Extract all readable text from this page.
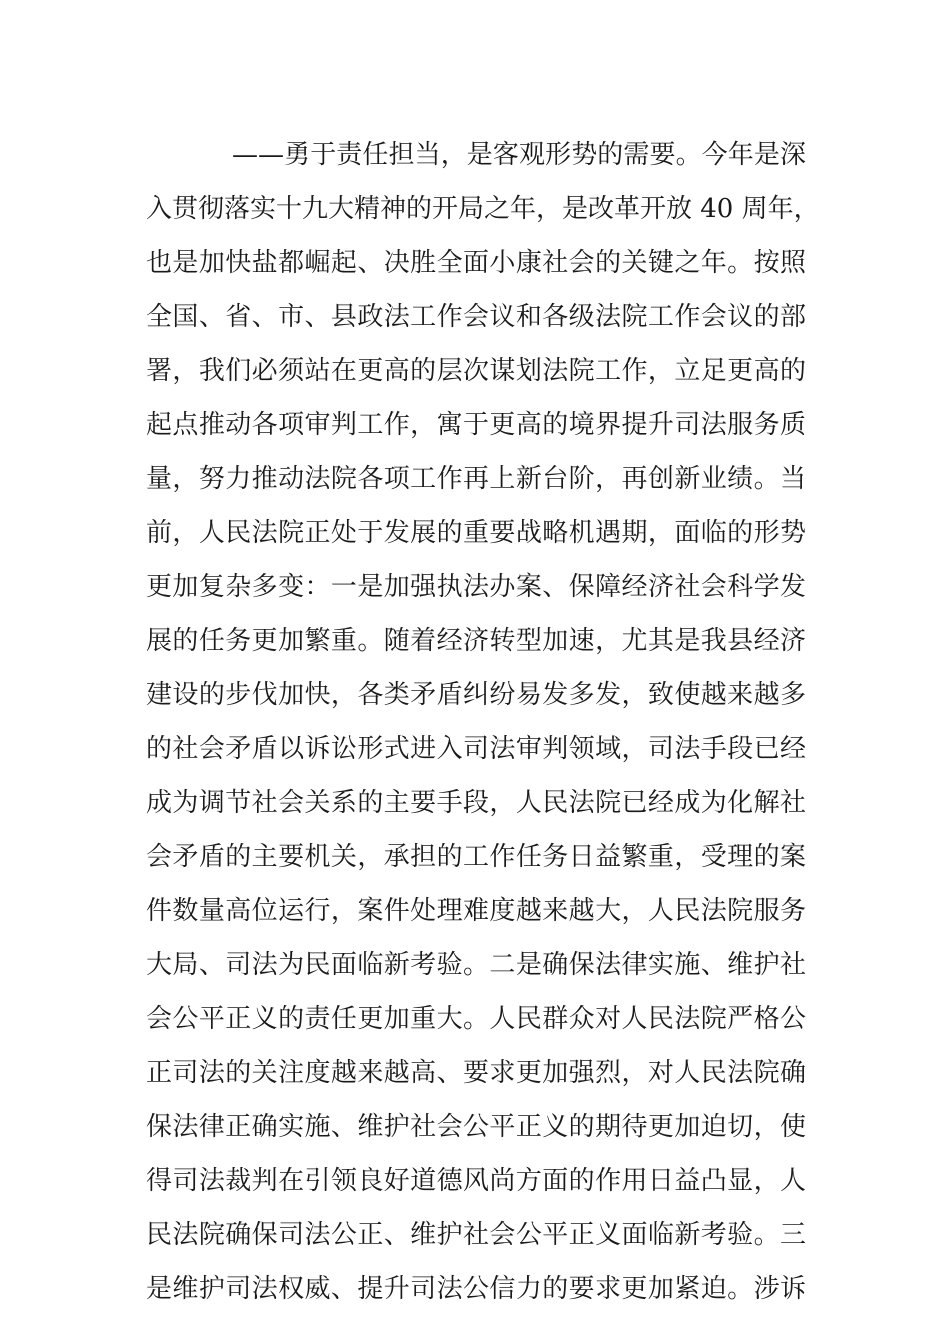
——勇于责任担当，是客观形势的需要。今年是深
入贯彻落实十九大精神的开局之年，是改革开放 40 周年，
也是加快盐都崛起、决胜全面小康社会的关键之年。按照
全国、省、市、县政法工作会议和各级法院工作会议的部
署，我们必须站在更高的层次谋划法院工作，立足更高的
起点推动各项审判工作，寓于更高的境界提升司法服务质
量，努力推动法院各项工作再上新台阶，再创新业绩。当
前，人民法院正处于发展的重要战略机遇期，面临的形势
更加复杂多变：一是加强执法办案、保障经济社会科学发
展的任务更加繁重。随着经济转型加速，尤其是我县经济
建设的步伐加快，各类矛盾纠纷易发多发，致使越来越多
的社会矛盾以诉讼形式进入司法审判领域，司法手段已经
成为调节社会关系的主要手段，人民法院已经成为化解社
会矛盾的主要机关，承担的工作任务日益繁重，受理的案
件数量高位运行，案件处理难度越来越大，人民法院服务
大局、司法为民面临新考验。二是确保法律实施、维护社
会公平正义的责任更加重大。人民群众对人民法院严格公
正司法的关注度越来越高、要求更加强烈，对人民法院确
保法律正确实施、维护社会公平正义的期待更加迫切，使
得司法裁判在引领良好道德风尚方面的作用日益凸显，人
民法院确保司法公正、维护社会公平正义面临新考验。三
是维护司法权威、提升司法公信力的要求更加紧迫。涉诉
